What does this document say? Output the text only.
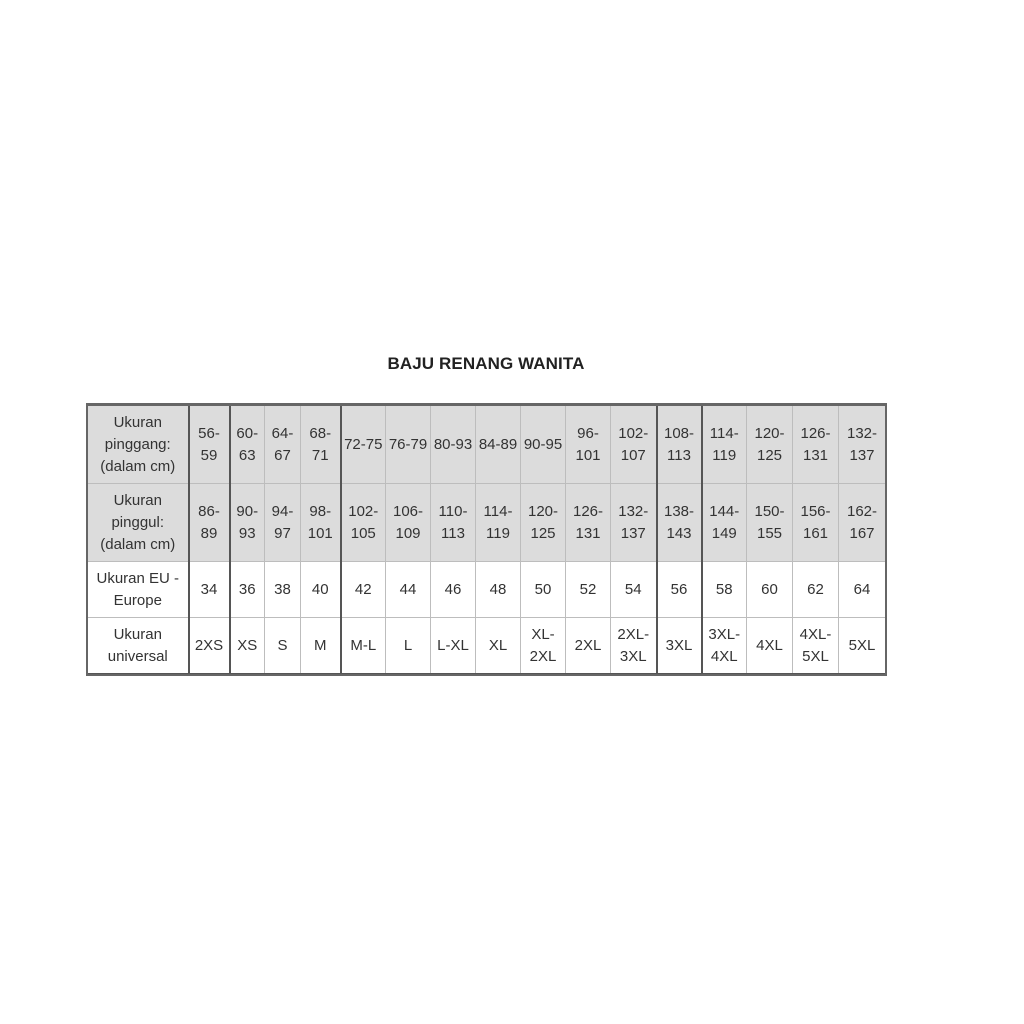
BAJU RENANG WANITA
Ukuran pinggang: (dalam cm)	56-59	60-63	64-67	68-71	72-75	76-79	80-93	84-89	90-95	96-101	102-107	108-113	114-119	120-125	126-131	132-137
Ukuran pinggul: (dalam cm)	86-89	90-93	94-97	98-101	102-105	106-109	110-113	114-119	120-125	126-131	132-137	138-143	144-149	150-155	156-161	162-167
Ukuran EU - Europe	34	36	38	40	42	44	46	48	50	52	54	56	58	60	62	64
Ukuran universal	2XS	XS	S	M	M-L	L	L-XL	XL	XL-2XL	2XL	2XL-3XL	3XL	3XL-4XL	4XL	4XL-5XL	5XL
